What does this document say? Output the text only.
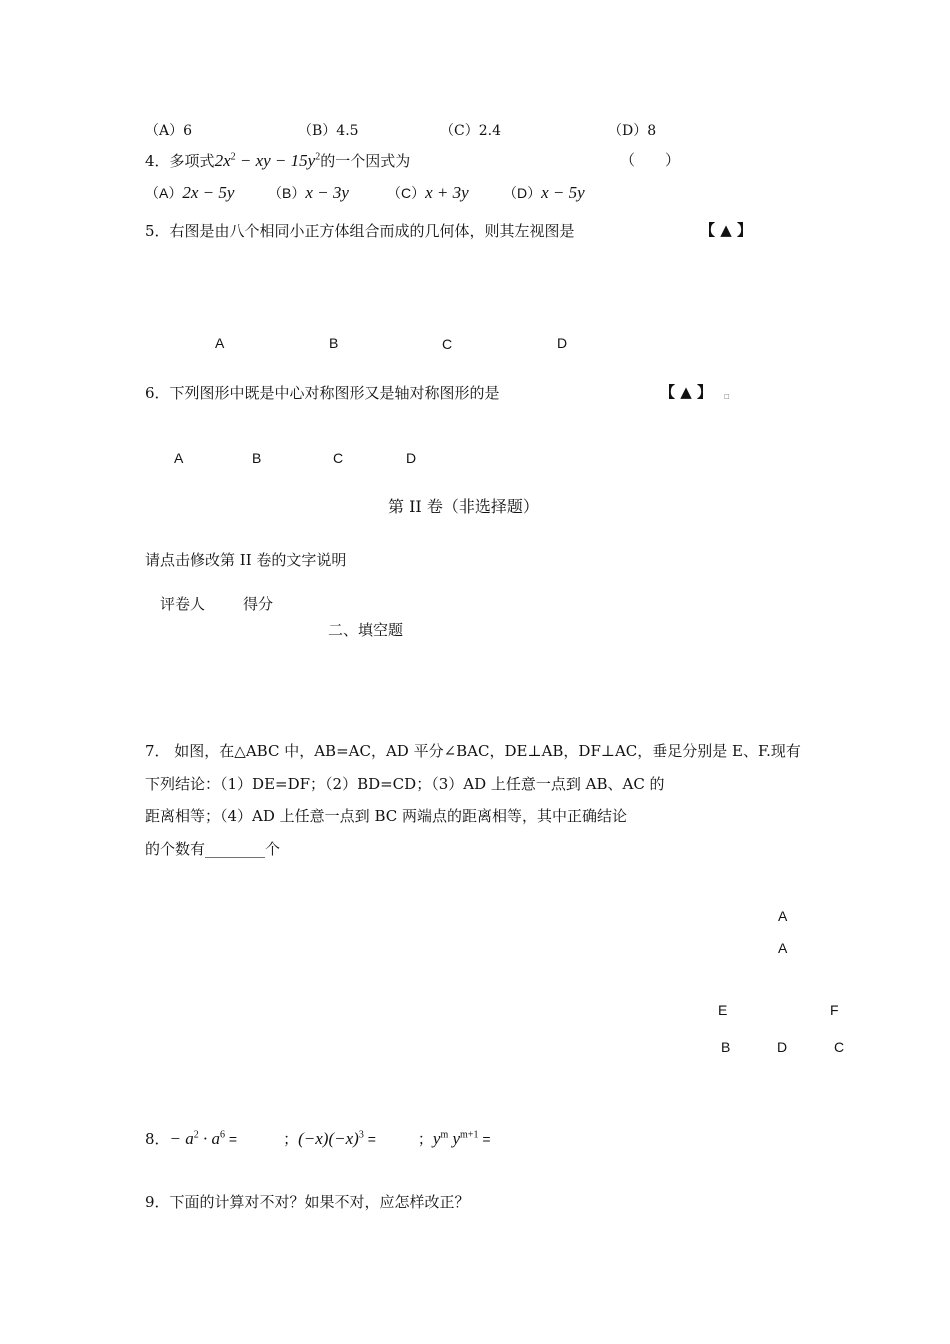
（A）6	（B）4.5	（C）2.4	（D）8
4．多项式$2x^2$ − xy − $15y^2$的一个因式为	（　　）
（A）2x − 5y （B）x − 3y	（C）x + 3y （D）x − 5y
5．右图是由八个相同小正方体组合而成的几何体，则其左视图是	【 ▲ 】
A	B	C	D
6．下列图形中既是中心对称图形又是轴对称图形的是	【 ▲ 】 □
A	B	C	D
第 II 卷（非选择题）
请点击修改第 II 卷的文字说明
评卷人	得分
二、填空题
7． 如图，在△ABC 中，AB=AC，AD 平分∠BAC，DE⊥AB，DF⊥AC，垂足分别是 E、F.现有
下列结论：（1）DE=DF；（2）BD=CD；（3）AD 上任意一点到 AB、AC 的
距离相等；（4）AD 上任意一点到 BC 两端点的距离相等，其中正确结论
的个数有________个
A
A
E	F
B	D	C
8．− $a^2 \cdot a^6$ =	；$(-x)(-x)^3$ =	；$y^m$ $y^{m+1}$ =
9．下面的计算对不对？如果不对，应怎样改正？
